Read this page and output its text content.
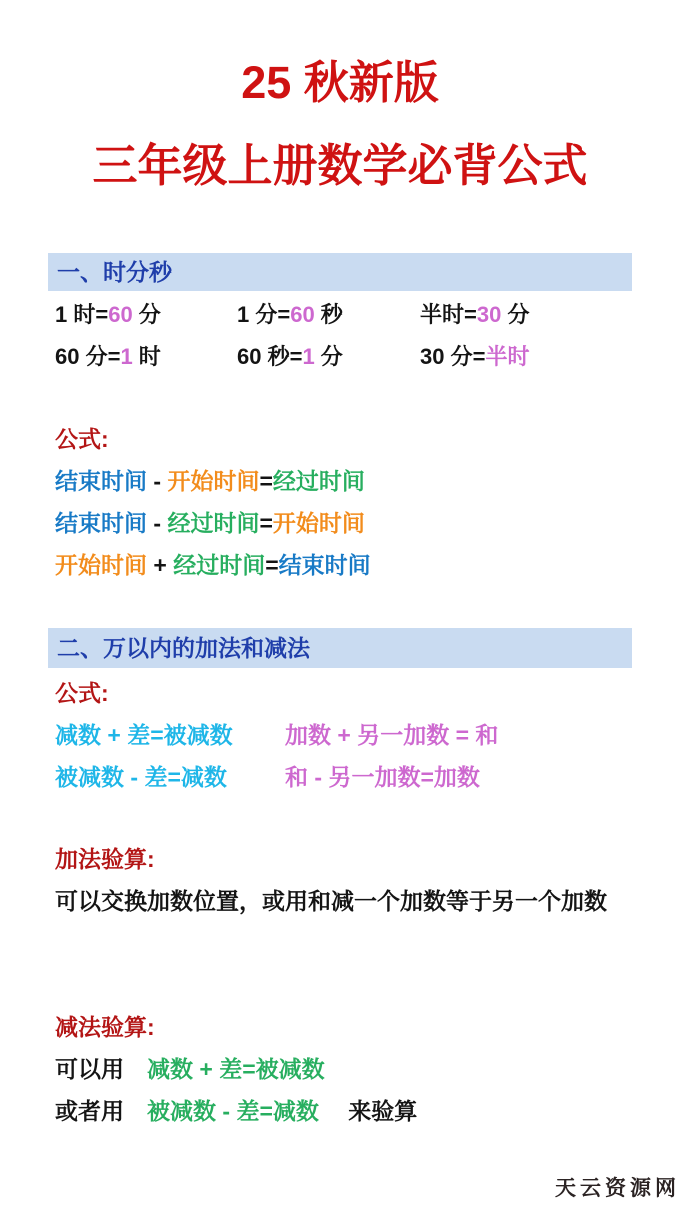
25 秋新版
三年级上册数学必背公式
一、时分秒
1 时=60 分	1 分=60 秒	半时=30 分
60 分=1 时	60 秒=1 分	30 分=半时
公式:
结束时间 - 开始时间=经过时间
结束时间 - 经过时间=开始时间
开始时间 + 经过时间=结束时间
二、万以内的加法和减法
公式:
减数 + 差=被减数	加数 + 另一加数 = 和
被减数 - 差=减数	和 - 另一加数=加数
加法验算:
可以交换加数位置，或用和减一个加数等于另一个加数
减法验算:
可以用　减数 + 差=被减数
或者用　被减数 - 差=减数　 来验算
天云资源网
